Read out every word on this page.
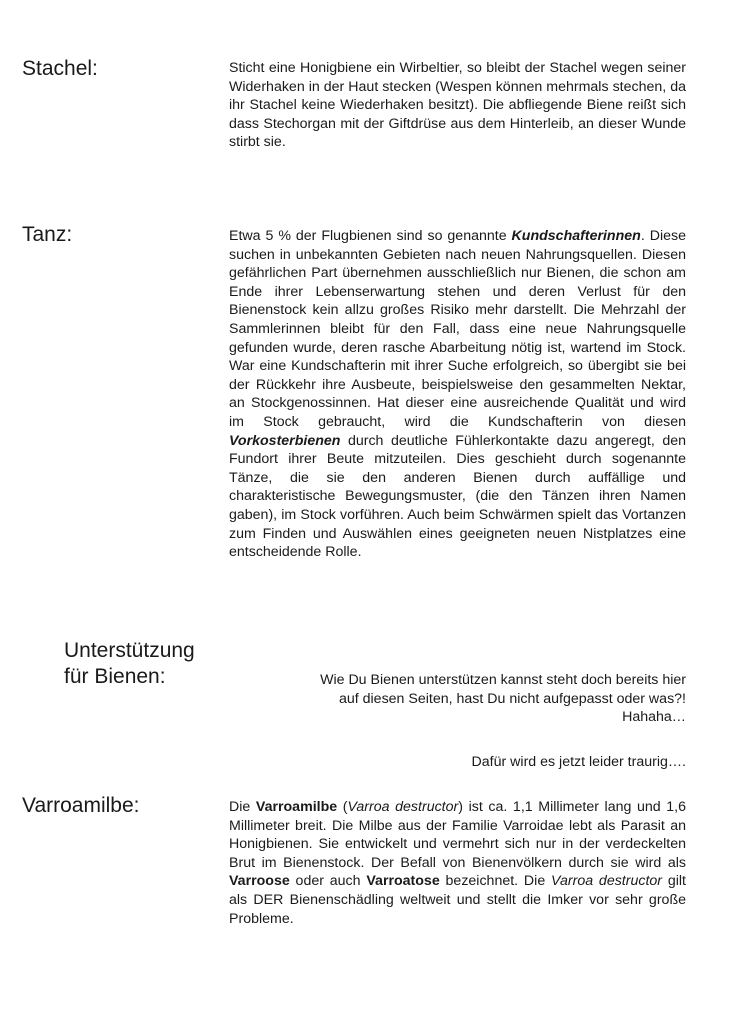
Stachel:	Sticht eine Honigbiene ein Wirbeltier, so bleibt der Stachel wegen seiner Widerhaken in der Haut stecken (Wespen können mehrmals stechen, da ihr Stachel keine Wiederhaken besitzt). Die abfliegende Biene reißt sich dass Stechorgan mit der Giftdrüse aus dem Hinterleib, an dieser Wunde stirbt sie.

Tanz:	Etwa 5 % der Flugbienen sind so genannte Kundschafterinnen. Diese suchen in unbekannten Gebieten nach neuen Nahrungsquellen. Diesen gefährlichen Part übernehmen ausschließlich nur Bienen, die schon am Ende ihrer Lebenserwartung stehen und deren Verlust für den Bienenstock kein allzu großes Risiko mehr darstellt. Die Mehrzahl der Sammlerinnen bleibt für den Fall, dass eine neue Nahrungsquelle gefunden wurde, deren rasche Abarbeitung nötig ist, wartend im Stock. War eine Kundschafterin mit ihrer Suche erfolgreich, so übergibt sie bei der Rückkehr ihre Ausbeute, beispielsweise den gesammelten Nektar, an Stockgenossinnen. Hat dieser eine ausreichende Qualität und wird im Stock gebraucht, wird die Kundschafterin von diesen Vorkosterbienen durch deutliche Fühlerkontakte dazu angeregt, den Fundort ihrer Beute mitzuteilen. Dies geschieht durch sogenannte Tänze, die sie den anderen Bienen durch auffällige und charakteristische Bewegungsmuster, (die den Tänzen ihren Namen gaben), im Stock vorführen. Auch beim Schwärmen spielt das Vortanzen zum Finden und Auswählen eines geeigneten neuen Nistplatzes eine entscheidende Rolle.

Unterstützung
für Bienen:	Wie Du Bienen unterstützen kannst steht doch bereits hier
auf diesen Seiten, hast Du nicht aufgepasst oder was?!
Hahaha…

Dafür wird es jetzt leider traurig….

Varroamilbe:	Die Varroamilbe (Varroa destructor) ist ca. 1,1 Millimeter lang und 1,6 Millimeter breit. Die Milbe aus der Familie Varroidae lebt als Parasit an Honigbienen. Sie entwickelt und vermehrt sich nur in der verdeckelten Brut im Bienenstock. Der Befall von Bienenvölkern durch sie wird als Varroose oder auch Varroatose bezeichnet. Die Varroa destructor gilt als DER Bienenschädling weltweit und stellt die Imker vor sehr große Probleme.
